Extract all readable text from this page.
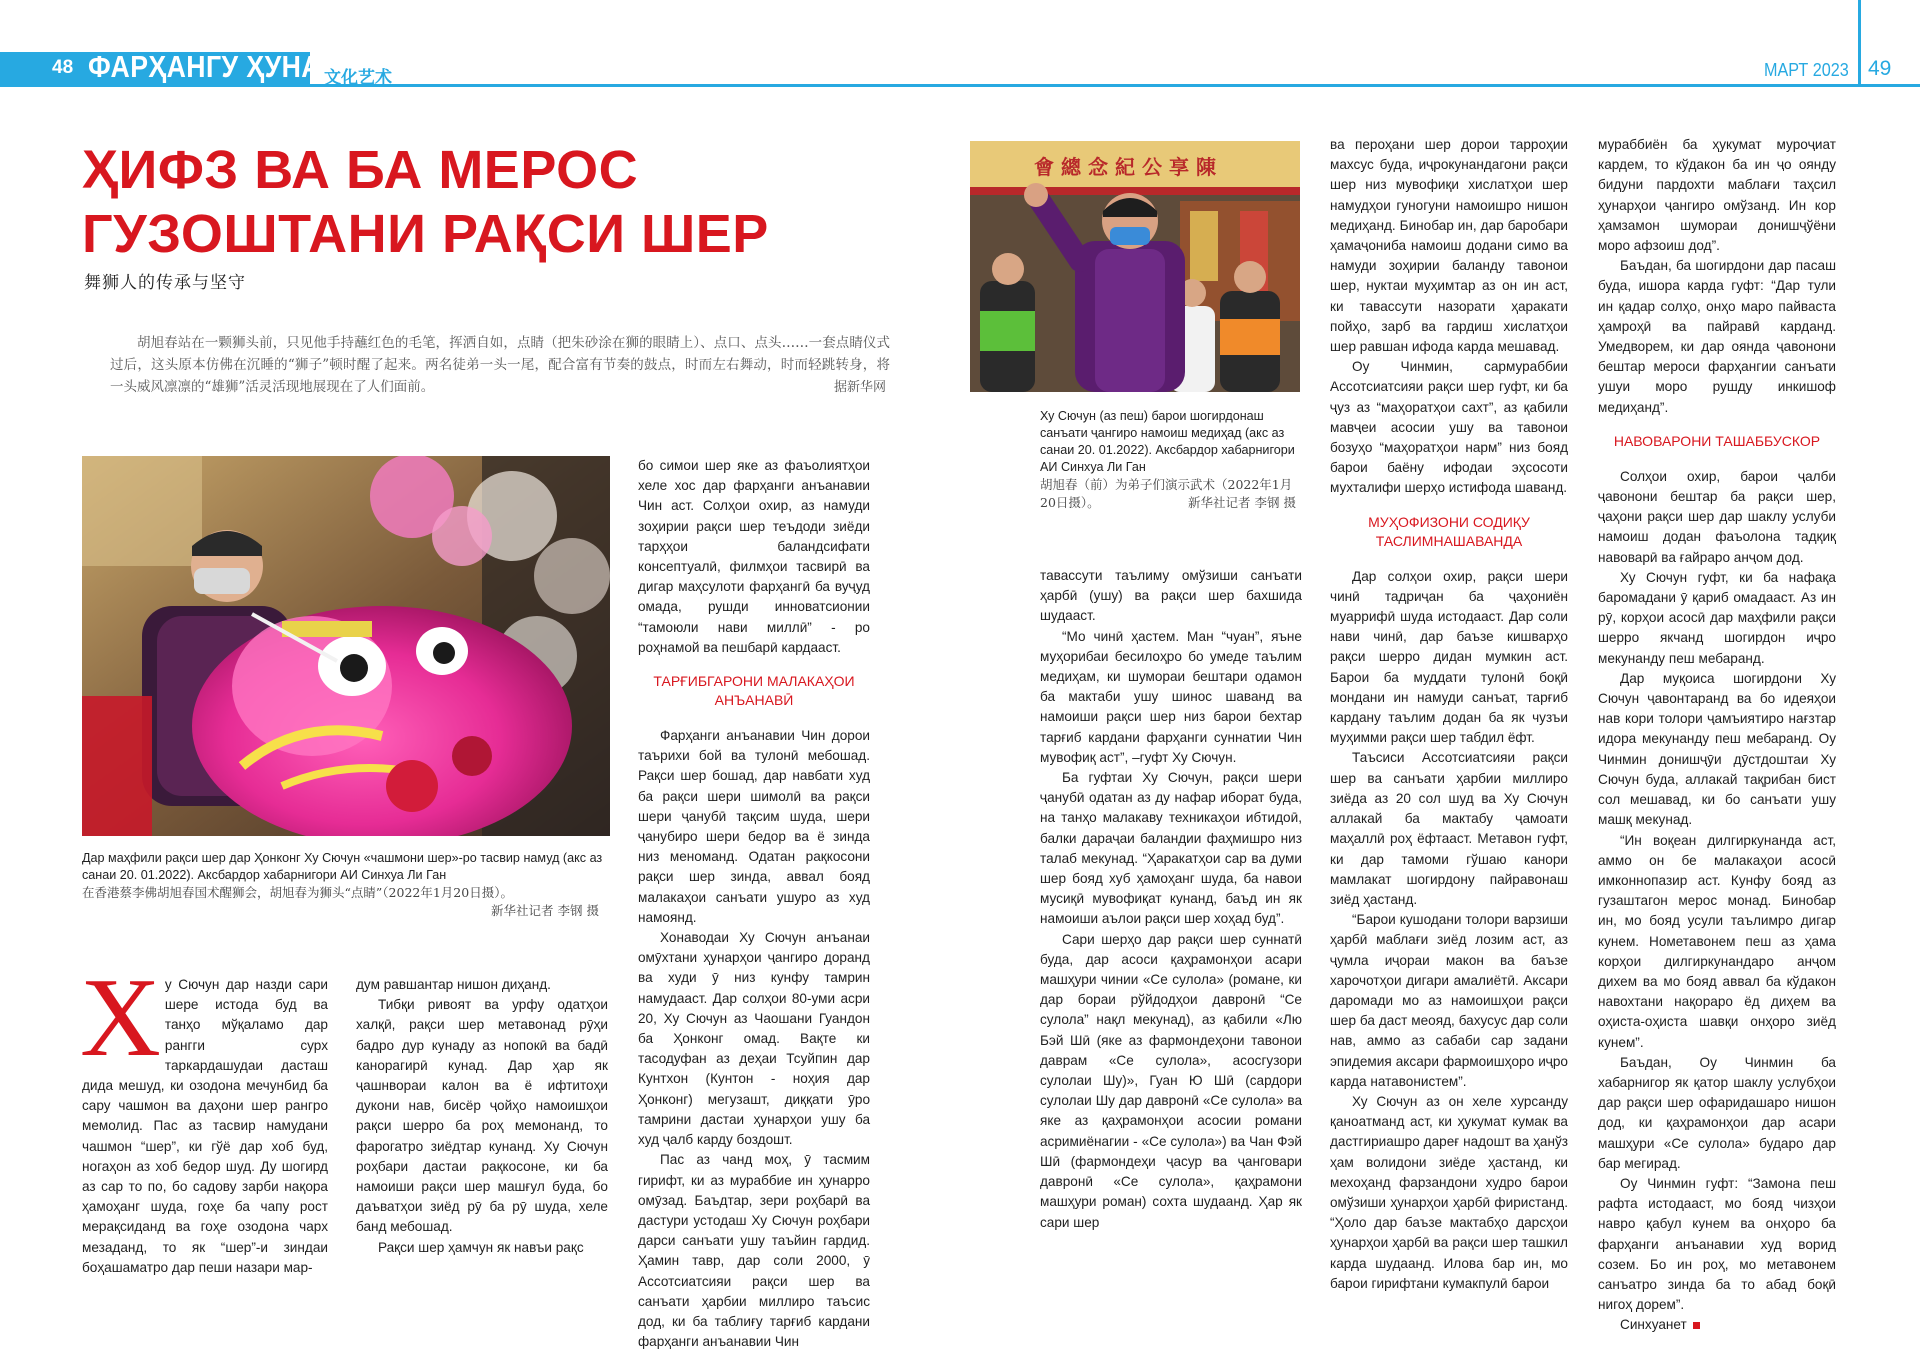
48 ФАРҲАНГУ ҲУНАР
文化艺术	МАРТ 2023 49
ҲИФЗ ВА БА МЕРОС
ГУЗОШТАНИ РАҚСИ ШЕР
舞狮人的传承与坚守
胡旭春站在一颗狮头前，只见他手持蘸红色的毛笔，挥洒自如，点睛（把朱砂涂在狮的眼睛上）、点口、点头……一套点睛仪式过后，这头原本仿佛在沉睡的“狮子”顿时醒了起来。两名徒弟一头一尾，配合富有节奏的鼓点，时而左右舞动，时而轻跳转身，将一头威风凛凛的“雄狮”活灵活现地展现在了人们面前。	据新华网
Дар маҳфили рақси шер дар Ҳонконг Ху Сючун «чашмони шер»-ро тасвир намуд (акс аз санаи 20. 01.2022). Аксбардор хабарнигори АИ Синхуа Ли Ган
在香港蔡李佛胡旭春国术醒狮会，胡旭春为狮头“点睛”（2022年1月20日摄）。
新华社记者 李钢 摄
會總念紀公享陳
Ху Сючун (аз пеш) барои шогирдонаш санъати ҷангиро намоиш медиҳад (акс аз санаи 20. 01.2022). Аксбардор хабарнигори АИ Синхуа Ли Ган
胡旭春（前）为弟子们演示武术（2022年1月20日摄）。	新华社记者 李钢 摄
Х у Сючун дар назди сари шере истода буд ва танҳо мўқаламо дар рангги сурх таркардашудаи дасташ дида мешуд, ки озодона мечунбид ба сару чашмон ва даҳони шер рангро мемолид. Пас аз тасвир намудани чашмон “шер”, ки гўё дар хоб буд, ногаҳон аз хоб бедор шуд. Ду шогирд аз сар то по, бо садову зарби нақора ҳамоҳанг шуда, гоҳе ба чапу рост мерақсиданд ва гоҳе озодона чарх мезаданд, то як “шер”-и зиндаи боҳашаматро дар пеши назари мар-

дум равшантар нишон диҳанд.

Тибқи ривоят ва урфу одатҳои халқӣ, рақси шер метавонад рӯҳи бадро дур кунаду аз нопокӣ ва бадӣ канорагирӣ кунад. Дар ҳар як ҷашнвораи калон ва ё ифтитоҳи дукони нав, бисёр ҷойҳо намоишҳои рақси шерро ба роҳ мемонанд, то фарогатро зиёдтар кунанд. Ху Сючун роҳбари дастаи рақкосоне, ки ба намоиши рақси шер машғул буда, бо даъватҳои зиёд рӯ ба рӯ шуда, хеле банд мебошад.

Рақси шер ҳамчун як навъи рақс

бо симои шер яке аз фаъолиятҳои хеле хос дар фарҳанги анъанавии Чин аст. Солҳои охир, аз намуди зоҳирии рақси шер теъдоди зиёди тарҳҳои баландсифати консептуалӣ, филмҳои тасвирӣ ва дигар маҳсулоти фарҳангӣ ба вуҷуд омада, рушди инноватсионии “тамоюли нави миллӣ” - ро роҳнамой ва пешбарӣ кардааст.

ТАРҒИБГАРОНИ МАЛАКАҲОИ
АНЪАНАВӢ

Фарҳанги анъанавии Чин дорои таърихи бой ва тулонӣ мебошад. Рақси шер бошад, дар навбати худ ба рақси шери шимолӣ ва рақси шери ҷанубӣ тақсим шуда, шери ҷанубиро шери бедор ва ё зинда низ меноманд. Одатан рақкосони рақси шер зинда, аввал бояд малакаҳои санъати ушуро аз худ намоянд.

Хонаводаи Ху Сючун анъанаи омӯхтани ҳунарҳои ҷангиро доранд ва худи ӯ низ кунфу тамрин намудааст. Дар солҳои 80-уми асри 20, Ху Сючун аз Чаошани Гуандон ба Ҳонконг омад. Вақте ки тасодуфан аз деҳаи Тсуйпин дар Кунтхон (Кунтон - ноҳия дар Ҳонконг) мегузашт, диққати ӯро тамрини дастаи ҳунарҳои ушу ба худ ҷалб карду боздошт.

Пас аз чанд моҳ, ӯ тасмим гирифт, ки аз мураббие ин ҳунарро омӯзад. Баъдтар, зери роҳбарӣ ва дастури устодаш Ху Сючун роҳбари дарси санъати ушу таъйин гардид. Ҳамин тавр, дар соли 2000, ӯ Ассотсиатсияи рақси шер ва санъати ҳарбии миллиро таъсис дод, ки ба таблиғу тарғиб кардани фарҳанги анъанавии Чин

тавассути таълиму омўзиши санъати ҳарбӣ (ушу) ва рақси шер бахшида шудааст.

“Мо чинӣ ҳастем. Ман “чуан”, яъне муҳорибаи бесилоҳро бо умеде таълим медиҳам, ки шумораи бештари одамон ба мактаби ушу шинос шаванд ва намоиши рақси шер низ барои бехтар тарғиб кардани фарҳанги суннатии Чин мувофиқ аст”, –гуфт Ху Сючун.

Ба гуфтаи Ху Сючун, рақси шери ҷанубӣ одатан аз ду нафар иборат буда, на танҳо малакаву техникаҳои ибтидоӣ, балки дараҷаи баландии фаҳмишро низ талаб мекунад. “Ҳаракатҳои сар ва думи шер бояд хуб ҳамоҳанг шуда, ба навои мусиқӣ мувофиқат кунанд, баъд ин як намоиши аълои рақси шер хоҳад буд”.

Сари шерҳо дар рақси шер суннатӣ буда, дар асоси қаҳрамонҳои асари машҳури чинии «Се сулола» (романе, ки дар бораи рўйдодҳои давронӣ “Се сулола” нақл мекунад), аз қабили «Лю Бэй Шӣ (яке аз фармондеҳони тавонои даврам «Се сулола», асосгузори сулолаи Шу)», Гуан Ю Шӣ (сардори сулолаи Шу дар давронӣ «Се сулола» ва яке аз қаҳрамонҳои асосии романи асримиёнагии - «Се сулола») ва Чан Фэй Шӣ (фармондеҳи ҷасур ва ҷанговари давронӣ «Се сулола», қаҳрамони машҳури роман) сохта шудаанд. Ҳар як сари шер

ва пероҳани шер дорои тарроҳии махсус буда, иҷрокунандагони рақси шер низ мувофиқи хислатҳои шер намудҳои гуногуни намоишро нишон медиҳанд. Бинобар ин, дар баробари ҳамаҷониба намоиш додани симо ва намуди зоҳирии баланду тавонои шер, нуктаи муҳимтар аз он ин аст, ки тавассути назорати ҳаракати пойҳо, зарб ва гардиш хислатҳои шер равшан ифода карда мешавад.

Оу Чинмин, сармураббии Ассотсиатсияи рақси шер гуфт, ки ба ҷуз аз “маҳоратҳои сахт”, аз қабили мавҷеи асосии ушу ва тавонои бозуҳо “маҳоратҳои нарм” низ бояд барои баёну ифодаи эҳсосоти мухталифи шерҳо истифода шаванд.

МУҲОФИЗОНИ СОДИҚУ
ТАСЛИМНАШАВАНДА

Дар солҳои охир, рақси шери чинӣ тадриҷан ба ҷаҳониён муаррифӣ шуда истодааст. Дар соли нави чинӣ, дар баъзе кишварҳо рақси шерро дидан мумкин аст. Барои ба муддати тулонӣ боқӣ мондани ин намуди санъат, тарғиб кардану таълим додан ба як чузъи муҳимми рақси шер табдил ёфт.

Таъсиси Ассотсиатсияи рақси шер ва санъати ҳарбии миллиро зиёда аз 20 сол шуд ва Ху Сючун аллакай ба мактабу ҷамоати маҳаллӣ роҳ ёфтааст. Метавон гуфт, ки дар тамоми гўшаю канори мамлакат шогирдону пайравонаш зиёд ҳастанд.

“Барои кушодани толори варзиши ҳарбӣ маблағи зиёд лозим аст, аз ҷумла иҷораи макон ва баъзе харочотҳои дигари амалиётӣ. Аксари даромади мо аз намоишҳои рақси шер ба даст меояд, бахусус дар соли нав, аммо аз сабаби сар задани эпидемия аксари фармоишҳоро иҷро карда натавонистем”.

Ху Сючун аз он хеле хурсанду қаноатманд аст, ки ҳукумат кумак ва дастгириашро дареғ надошт ва ҳанўз ҳам волидони зиёде ҳастанд, ки мехоҳанд фарзандони худро барои омўзиши ҳунарҳои ҳарбӣ фиристанд. “Ҳоло дар баъзе мактабҳо дарсҳои ҳунарҳои ҳарбӣ ва рақси шер ташкил карда шудаанд. Илова бар ин, мо барои гирифтани кумакпулӣ барои

мураббиён ба ҳукумат муроҷиат кардем, то кўдакон ба ин ҷо оянду бидуни пардохти маблағи таҳсил ҳунарҳои ҷангиро омўзанд. Ин кор ҳамзамон шумораи донишҷўёни моро афзоиш дод”.

Баъдан, ба шогирдони дар пасаш буда, ишора карда гуфт: “Дар тули ин қадар солҳо, онҳо маро пайваста ҳамроҳӣ ва пайравӣ карданд. Умедворем, ки дар оянда ҷавонони бештар мероси фарҳангии санъати ушуи моро рушду инкишоф медиҳанд”.

НАВОВАРОНИ ТАШАББУСКОР

Солҳои охир, барои ҷалби ҷавонони бештар ба рақси шер, ҷаҳони рақси шер дар шаклу услуби намоиш додан фаъолона тадқиқ навоварӣ ва ғайраро анҷом дод.

Ху Сючун гуфт, ки ба нафақа бaромадани ӯ қариб омадааст. Аз ин рӯ, корҳои асосӣ дар маҳфили рақси шерро якчанд шогирдон иҷро мекунанду пеш мебаранд.

Дар муқоиса шогирдони Ху Сючун ҷавонтаранд ва бо идеяҳои нав кори толори ҷамъиятиро нағзтар идора мекунанду пеш мебаранд. Оу Чинмин донишҷӯи дӯстдоштаи Ху Сючун буда, аллакай тақрибан бист сол мешавад, ки бо санъати ушу машқ мекунад.

“Ин воқеан дилгиркунанда аст, аммо он бе малакаҳои асосӣ имконнопазир аст. Кунфу бояд аз гузаштагон мерос монад. Бинобар ин, мо бояд усули таълимро дигар кунем. Нометавонем пеш аз ҳама корҳои дилгиркунандаро анҷом дихем ва мо бояд аввал ба кўдакон навохтани нақораро ёд диҳем ва оҳиста-оҳиста шавқи онҳоро зиёд кунем”.

Баъдан, Оу Чинмин ба хабарнигор як қатор шаклу услубҳои дар рақси шер офаридашаро нишон дод, ки қаҳрамонҳои дар асари машҳури «Се сулола» бударо дар бар мегирад.

Оу Чинмин гуфт: “Замона пеш рафта истодааст, мо бояд чизҳои навро қабул кунем ва онҳоро ба фарҳанги анъанавии худ ворид созем. Бо ин роҳ, мо метавонем санъатро зинда ба то абад боқӣ нигоҳ дорем”.

Синхуанет
